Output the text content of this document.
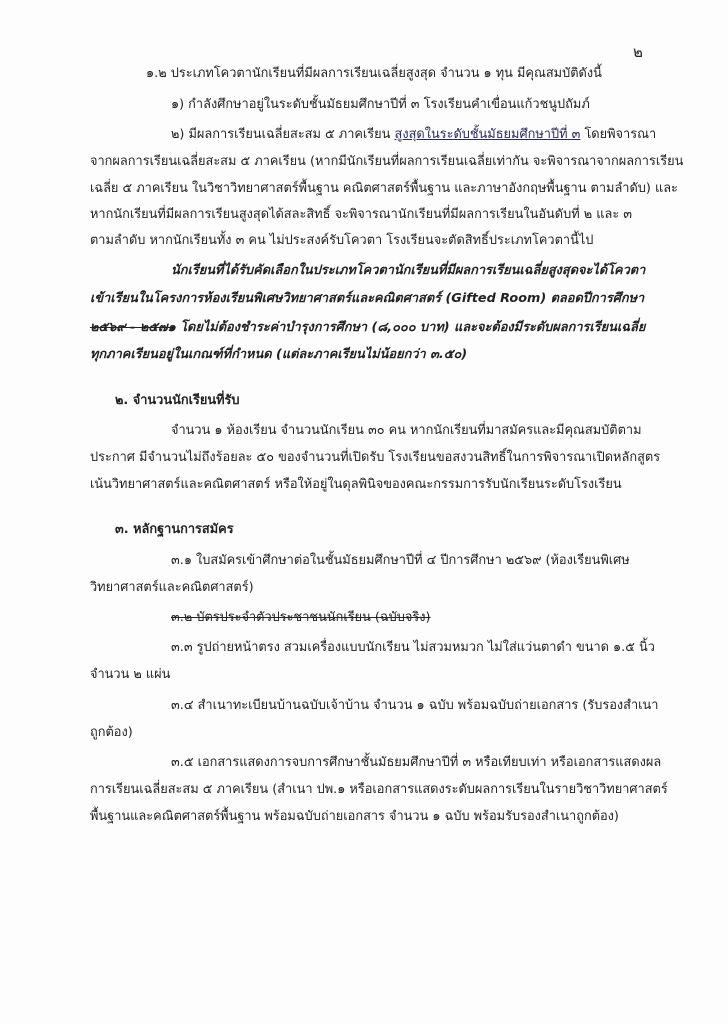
๒
๑.๒ ประเภทโควตานักเรียนที่มีผลการเรียนเฉลี่ยสูงสุด จำนวน ๑ ทุน มีคุณสมบัติดังนี้
๑) กำลังศึกษาอยู่ในระดับชั้นมัธยมศึกษาปีที่ ๓ โรงเรียนคำเขื่อนแก้วชนูปถัมภ์
๒) มีผลการเรียนเฉลี่ยสะสม ๕ ภาคเรียน สูงสุดในระดับชั้นมัธยมศึกษาปีที่ ๓ โดยพิจารณา
จากผลการเรียนเฉลี่ยสะสม ๕ ภาคเรียน (หากมีนักเรียนที่ผลการเรียนเฉลี่ยเท่ากัน จะพิจารณาจากผลการเรียน
เฉลี่ย ๕ ภาคเรียน ในวิชาวิทยาศาสตร์พื้นฐาน คณิตศาสตร์พื้นฐาน และภาษาอังกฤษพื้นฐาน ตามลำดับ) และ
หากนักเรียนที่มีผลการเรียนสูงสุดได้สละสิทธิ์ จะพิจารณานักเรียนที่มีผลการเรียนในอันดับที่ ๒ และ ๓
ตามลำดับ หากนักเรียนทั้ง ๓ คน ไม่ประสงค์รับโควตา โรงเรียนจะตัดสิทธิ์ประเภทโควตานี้ไป
นักเรียนที่ได้รับคัดเลือกในประเภทโควตานักเรียนที่มีผลการเรียนเฉลี่ยสูงสุดจะได้โควตา
เข้าเรียนในโครงการห้องเรียนพิเศษวิทยาศาสตร์และคณิตศาสตร์ (Gifted Room) ตลอดปีการศึกษา
๒๕๖๙ - ๒๕๗๑ โดยไม่ต้องชำระค่าบำรุงการศึกษา (๘,๐๐๐ บาท) และจะต้องมีระดับผลการเรียนเฉลี่ย
ทุกภาคเรียนอยู่ในเกณฑ์ที่กำหนด (แต่ละภาคเรียนไม่น้อยกว่า ๓.๕๐)
๒. จำนวนนักเรียนที่รับ
จำนวน ๑ ห้องเรียน จำนวนนักเรียน ๓๐ คน หากนักเรียนที่มาสมัครและมีคุณสมบัติตาม
ประกาศ มีจำนวนไม่ถึงร้อยละ ๕๐ ของจำนวนที่เปิดรับ โรงเรียนขอสงวนสิทธิ์ในการพิจารณาเปิดหลักสูตร
เน้นวิทยาศาสตร์และคณิตศาสตร์ หรือให้อยู่ในดุลพินิจของคณะกรรมการรับนักเรียนระดับโรงเรียน
๓. หลักฐานการสมัคร
๓.๑ ใบสมัครเข้าศึกษาต่อในชั้นมัธยมศึกษาปีที่ ๔ ปีการศึกษา ๒๕๖๙ (ห้องเรียนพิเศษ
วิทยาศาสตร์และคณิตศาสตร์)
๓.๒ บัตรประจำตัวประชาชนนักเรียน (ฉบับจริง)
๓.๓ รูปถ่ายหน้าตรง สวมเครื่องแบบนักเรียน ไม่สวมหมวก ไม่ใส่แว่นตาดำ ขนาด ๑.๕ นิ้ว
จำนวน ๒ แผ่น
๓.๔ สำเนาทะเบียนบ้านฉบับเจ้าบ้าน จำนวน ๑ ฉบับ พร้อมฉบับถ่ายเอกสาร (รับรองสำเนา
ถูกต้อง)
๓.๕ เอกสารแสดงการจบการศึกษาชั้นมัธยมศึกษาปีที่ ๓ หรือเทียบเท่า หรือเอกสารแสดงผล
การเรียนเฉลี่ยสะสม ๕ ภาคเรียน (สำเนา ปพ.๑ หรือเอกสารแสดงระดับผลการเรียนในรายวิชาวิทยาศาสตร์
พื้นฐานและคณิตศาสตร์พื้นฐาน พร้อมฉบับถ่ายเอกสาร จำนวน ๑ ฉบับ พร้อมรับรองสำเนาถูกต้อง)
